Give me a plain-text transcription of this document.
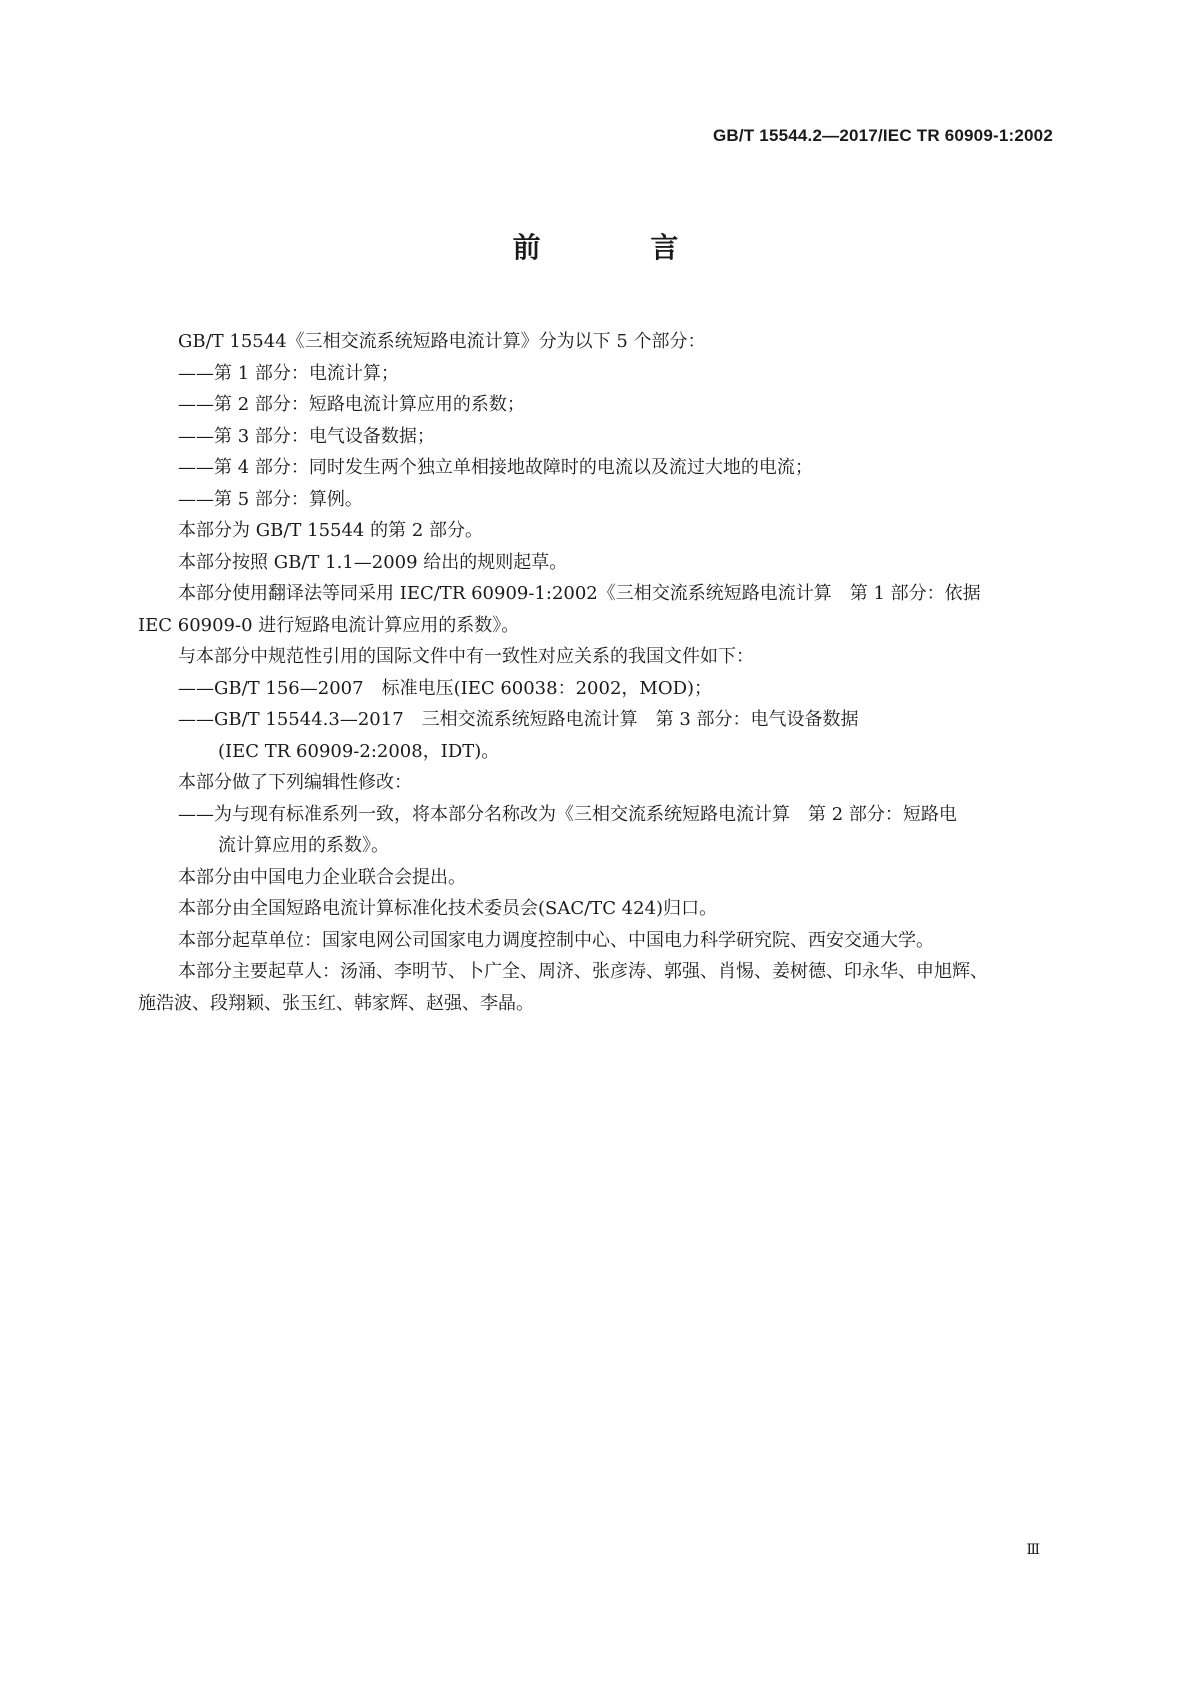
GB/T 15544.2—2017/IEC TR 60909-1:2002
前 言

GB/T 15544《三相交流系统短路电流计算》分为以下 5 个部分：

——第 1 部分：电流计算；

——第 2 部分：短路电流计算应用的系数；

——第 3 部分：电气设备数据；

——第 4 部分：同时发生两个独立单相接地故障时的电流以及流过大地的电流；

——第 5 部分：算例。

本部分为 GB/T 15544 的第 2 部分。

本部分按照 GB/T 1.1—2009 给出的规则起草。

本部分使用翻译法等同采用 IEC/TR 60909-1:2002《三相交流系统短路电流计算　第 1 部分：依据

IEC 60909-0 进行短路电流计算应用的系数》。

与本部分中规范性引用的国际文件中有一致性对应关系的我国文件如下：

——GB/T 156—2007　标准电压(IEC 60038：2002，MOD)；

——GB/T 15544.3—2017　三相交流系统短路电流计算　第 3 部分：电气设备数据

(IEC TR 60909-2:2008，IDT)。

本部分做了下列编辑性修改：

——为与现有标准系列一致，将本部分名称改为《三相交流系统短路电流计算　第 2 部分：短路电

流计算应用的系数》。

本部分由中国电力企业联合会提出。

本部分由全国短路电流计算标准化技术委员会(SAC/TC 424)归口。

本部分起草单位：国家电网公司国家电力调度控制中心、中国电力科学研究院、西安交通大学。

本部分主要起草人：汤涌、李明节、卜广全、周济、张彦涛、郭强、肖惕、姜树德、印永华、申旭辉、

施浩波、段翔颖、张玉红、韩家辉、赵强、李晶。

Ⅲ
